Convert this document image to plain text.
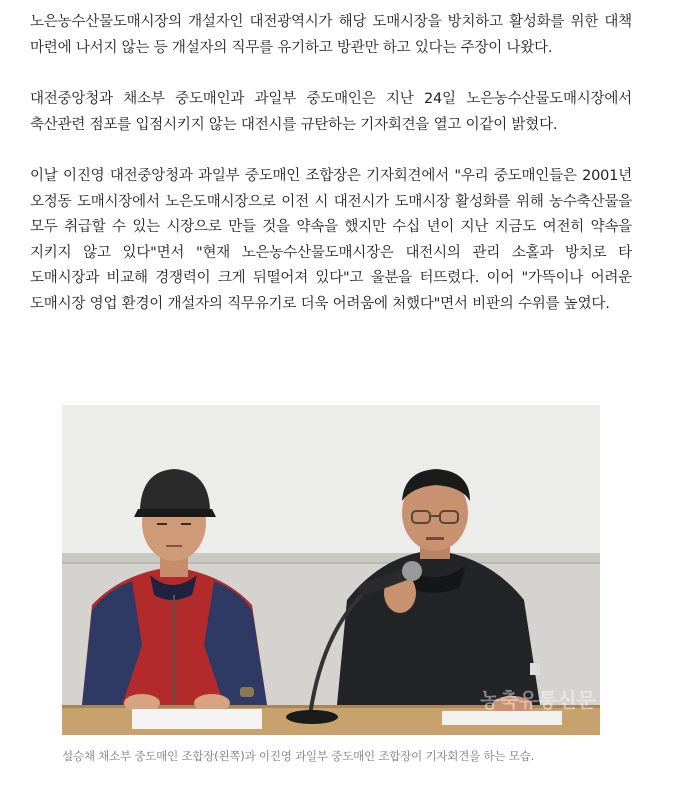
노은농수산물도매시장의 개설자인 대전광역시가 해당 도매시장을 방치하고 활성화를 위한 대책 마련에 나서지 않는 등 개설자의 직무를 유기하고 방관만 하고 있다는 주장이 나왔다.

대전중앙청과 채소부 중도매인과 과일부 중도매인은 지난 24일 노은농수산물도매시장에서 축산관련 점포를 입점시키지 않는 대전시를 규탄하는 기자회견을 열고 이같이 밝혔다.

이날 이진영 대전중앙청과 과일부 중도매인 조합장은 기자회견에서 "우리 중도매인들은 2001년 오정동 도매시장에서 노은도매시장으로 이전 시 대전시가 도매시장 활성화를 위해 농수축산물을 모두 취급할 수 있는 시장으로 만들 것을 약속을 했지만 수십 년이 지난 지금도 여전히 약속을 지키지 않고 있다"면서 "현재 노은농수산물도매시장은 대전시의 관리 소홀과 방치로 타 도매시장과 비교해 경쟁력이 크게 뒤떨어져 있다"고 울분을 터뜨렸다. 이어 "가뜩이나 어려운 도매시장 영업 환경이 개설자의 직무유기로 더욱 어려움에 처했다"면서 비판의 수위를 높였다.

농축유통신문
설승채 채소부 중도매인 조합장(왼쪽)과 이진영 과일부 중도매인 조합장이 기자회견을 하는 모습.
